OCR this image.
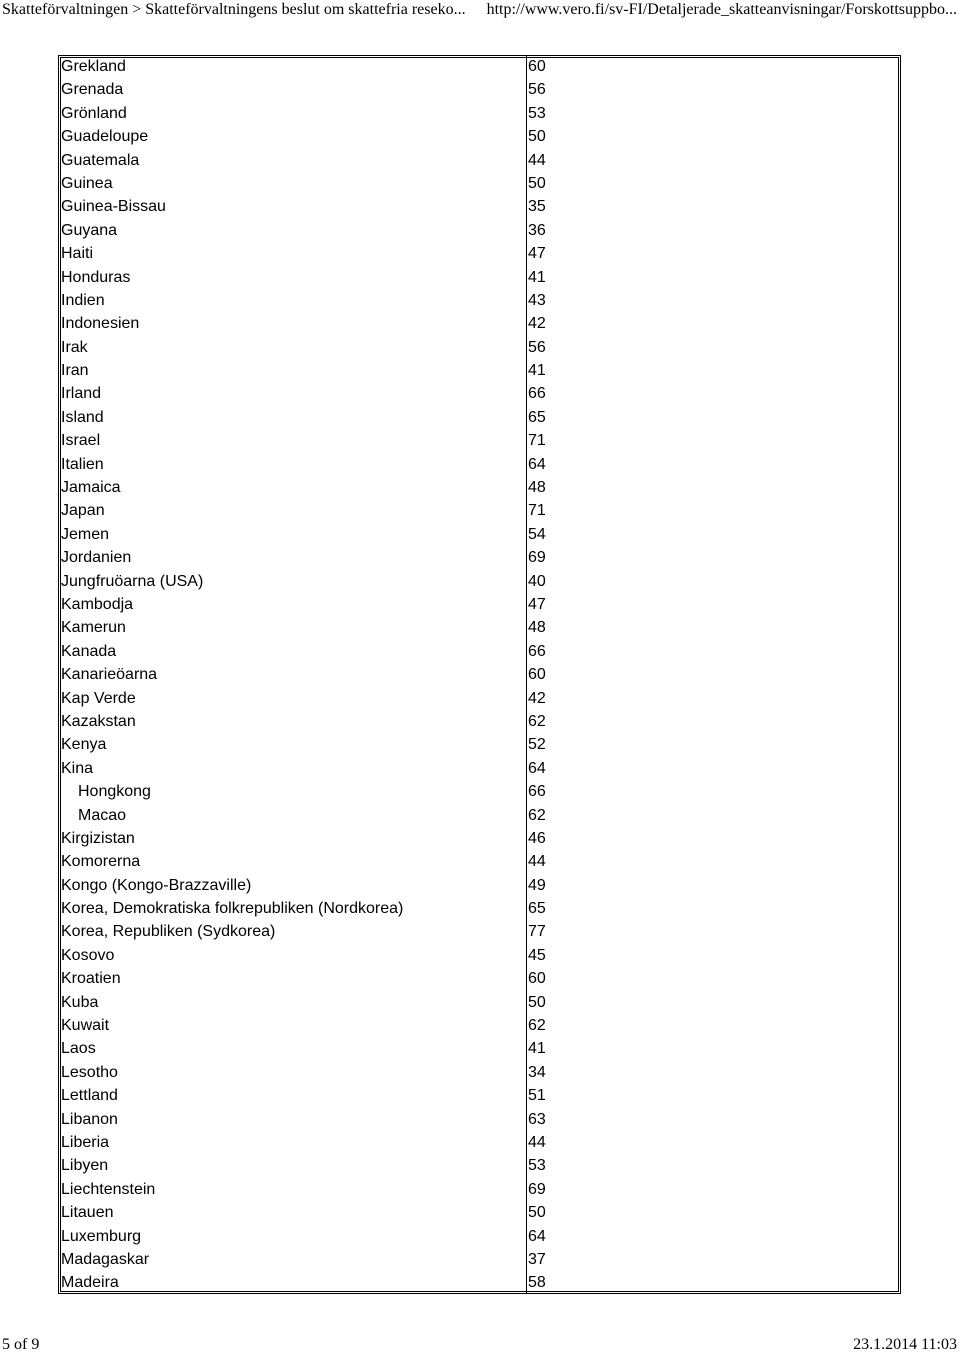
Skatteförvaltningen > Skatteförvaltningens beslut om skattefria reseko... http://www.vero.fi/sv-FI/Detaljerade_skatteanvisningar/Forskottsuppbo...
Grekland	60
Grenada	56
Grönland	53
Guadeloupe	50
Guatemala	44
Guinea	50
Guinea-Bissau	35
Guyana	36
Haiti	47
Honduras	41
Indien	43
Indonesien	42
Irak	56
Iran	41
Irland	66
Island	65
Israel	71
Italien	64
Jamaica	48
Japan	71
Jemen	54
Jordanien	69
Jungfruöarna (USA)	40
Kambodja	47
Kamerun	48
Kanada	66
Kanarieöarna	60
Kap Verde	42
Kazakstan	62
Kenya	52
Kina	64
Hongkong	66
Macao	62
Kirgizistan	46
Komorerna	44
Kongo (Kongo-Brazzaville)	49
Korea, Demokratiska folkrepubliken (Nordkorea)	65
Korea, Republiken (Sydkorea)	77
Kosovo	45
Kroatien	60
Kuba	50
Kuwait	62
Laos	41
Lesotho	34
Lettland	51
Libanon	63
Liberia	44
Libyen	53
Liechtenstein	69
Litauen	50
Luxemburg	64
Madagaskar	37
Madeira	58
5 of 9	23.1.2014 11:03
